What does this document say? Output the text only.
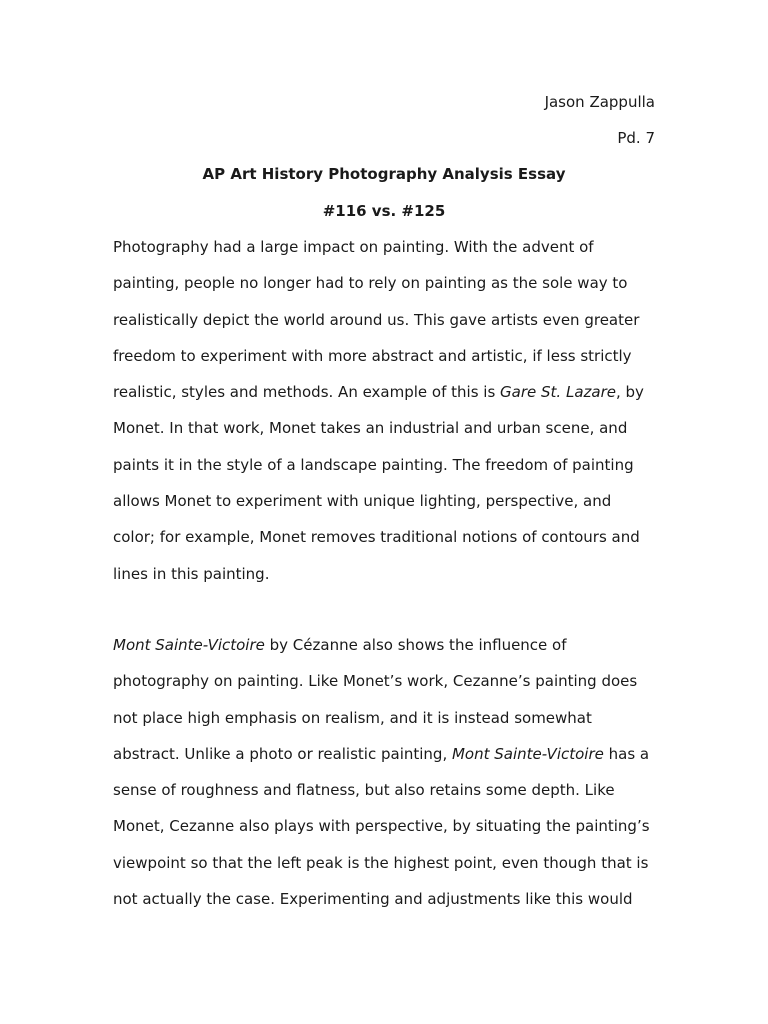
Jason Zappulla
Pd. 7
AP Art History Photography Analysis Essay
#116 vs. #125
Photography had a large impact on painting. With the advent of
painting, people no longer had to rely on painting as the sole way to
realistically depict the world around us. This gave artists even greater
freedom to experiment with more abstract and artistic, if less strictly
realistic, styles and methods. An example of this is Gare St. Lazare, by
Monet. In that work, Monet takes an industrial and urban scene, and
paints it in the style of a landscape painting. The freedom of painting
allows Monet to experiment with unique lighting, perspective, and
color; for example, Monet removes traditional notions of contours and
lines in this painting.
Mont Sainte-Victoire by Cézanne also shows the influence of
photography on painting. Like Monet’s work, Cezanne’s painting does
not place high emphasis on realism, and it is instead somewhat
abstract. Unlike a photo or realistic painting, Mont Sainte-Victoire has a
sense of roughness and flatness, but also retains some depth. Like
Monet, Cezanne also plays with perspective, by situating the painting’s
viewpoint so that the left peak is the highest point, even though that is
not actually the case. Experimenting and adjustments like this would
